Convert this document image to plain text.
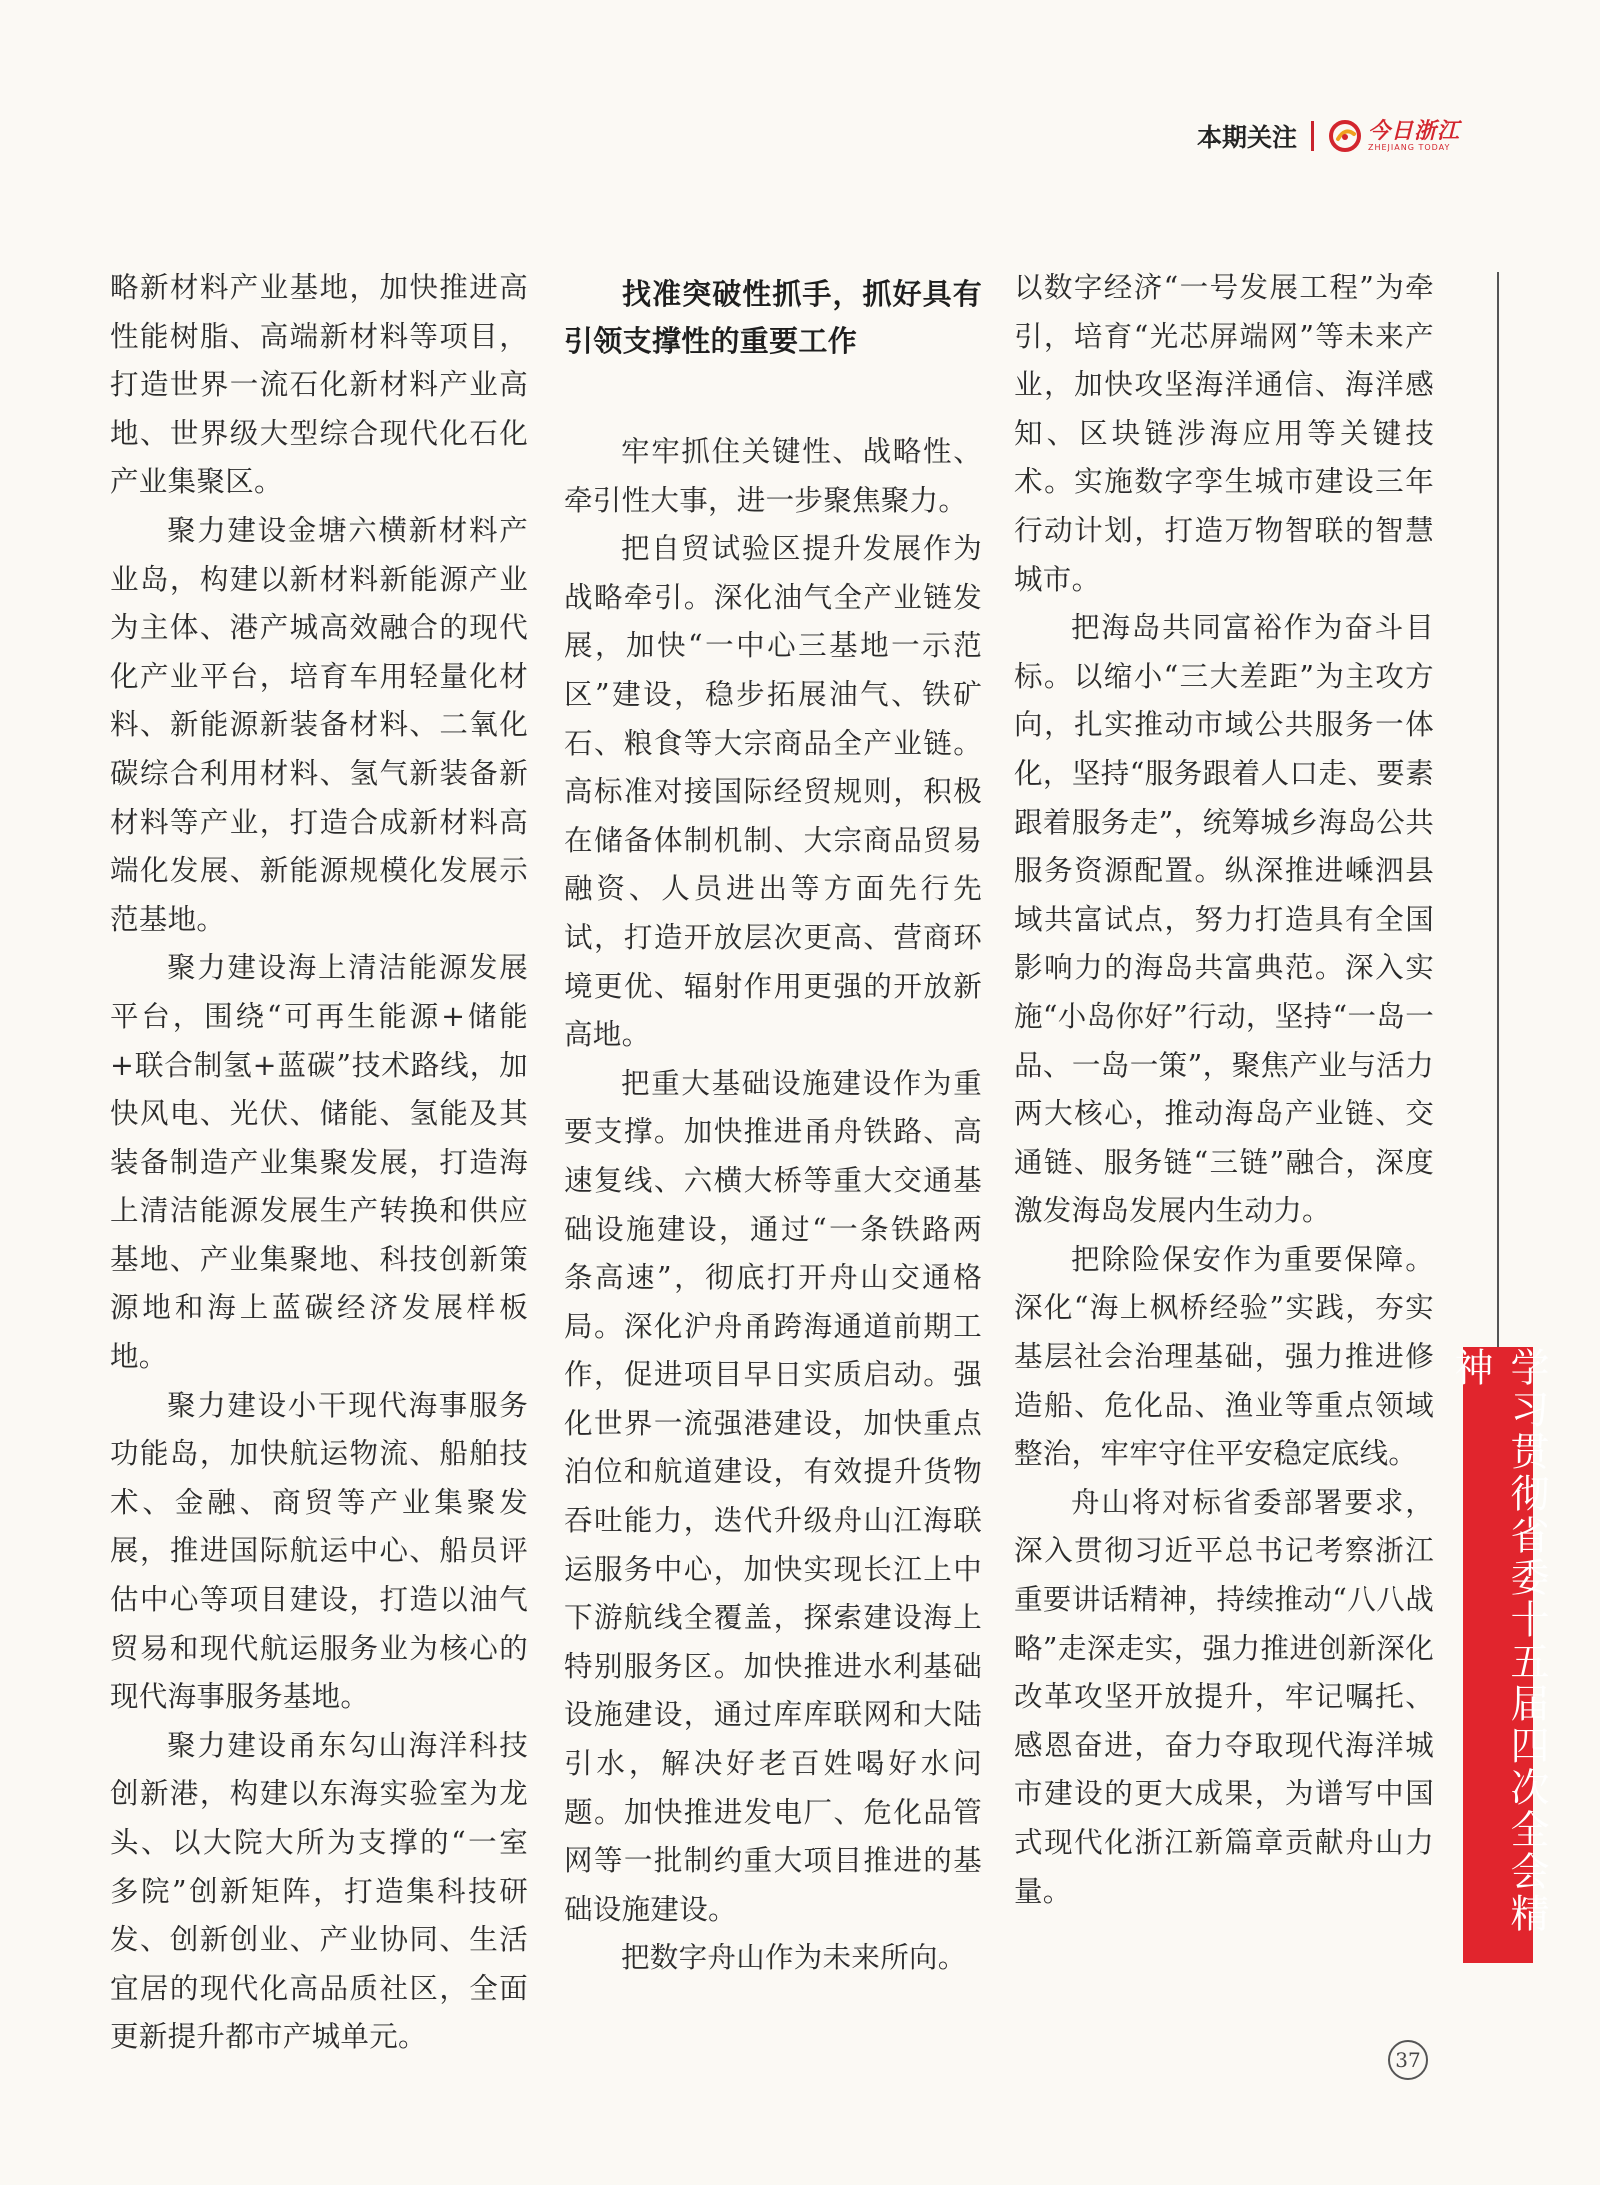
本期关注	今日浙江
ZHEJIANG TODAY

略新材料产业基地，加快推进高性能树脂、高端新材料等项目，打造世界一流石化新材料产业高地、世界级大型综合现代化石化产业集聚区。

聚力建设金塘六横新材料产业岛，构建以新材料新能源产业为主体、港产城高效融合的现代化产业平台，培育车用轻量化材料、新能源新装备材料、二氧化碳综合利用材料、氢气新装备新材料等产业，打造合成新材料高端化发展、新能源规模化发展示范基地。

聚力建设海上清洁能源发展平台，围绕“可再生能源+储能+联合制氢+蓝碳”技术路线，加快风电、光伏、储能、氢能及其装备制造产业集聚发展，打造海上清洁能源发展生产转换和供应基地、产业集聚地、科技创新策源地和海上蓝碳经济发展样板地。

聚力建设小干现代海事服务功能岛，加快航运物流、船舶技术、金融、商贸等产业集聚发展，推进国际航运中心、船员评估中心等项目建设，打造以油气贸易和现代航运服务业为核心的现代海事服务基地。

聚力建设甬东勾山海洋科技创新港，构建以东海实验室为龙头、以大院大所为支撑的“一室多院”创新矩阵，打造集科技研发、创新创业、产业协同、生活宜居的现代化高品质社区，全面更新提升都市产城单元。

找准突破性抓手，抓好具有引领支撑性的重要工作

牢牢抓住关键性、战略性、牵引性大事，进一步聚焦聚力。

把自贸试验区提升发展作为战略牵引。深化油气全产业链发展，加快“一中心三基地一示范区”建设，稳步拓展油气、铁矿石、粮食等大宗商品全产业链。高标准对接国际经贸规则，积极在储备体制机制、大宗商品贸易融资、人员进出等方面先行先试，打造开放层次更高、营商环境更优、辐射作用更强的开放新高地。

把重大基础设施建设作为重要支撑。加快推进甬舟铁路、高速复线、六横大桥等重大交通基础设施建设，通过“一条铁路两条高速”，彻底打开舟山交通格局。深化沪舟甬跨海通道前期工作，促进项目早日实质启动。强化世界一流强港建设，加快重点泊位和航道建设，有效提升货物吞吐能力，迭代升级舟山江海联运服务中心，加快实现长江上中下游航线全覆盖，探索建设海上特别服务区。加快推进水利基础设施建设，通过库库联网和大陆引水，解决好老百姓喝好水问题。加快推进发电厂、危化品管网等一批制约重大项目推进的基础设施建设。

把数字舟山作为未来所向。

以数字经济“一号发展工程”为牵引，培育“光芯屏端网”等未来产业，加快攻坚海洋通信、海洋感知、区块链涉海应用等关键技术。实施数字孪生城市建设三年行动计划，打造万物智联的智慧城市。

把海岛共同富裕作为奋斗目标。以缩小“三大差距”为主攻方向，扎实推动市域公共服务一体化，坚持“服务跟着人口走、要素跟着服务走”，统筹城乡海岛公共服务资源配置。纵深推进嵊泗县域共富试点，努力打造具有全国影响力的海岛共富典范。深入实施“小岛你好”行动，坚持“一岛一品、一岛一策”，聚焦产业与活力两大核心，推动海岛产业链、交通链、服务链“三链”融合，深度激发海岛发展内生动力。

把除险保安作为重要保障。深化“海上枫桥经验”实践，夯实基层社会治理基础，强力推进修造船、危化品、渔业等重点领域整治，牢牢守住平安稳定底线。

舟山将对标省委部署要求，深入贯彻习近平总书记考察浙江重要讲话精神，持续推动“八八战略”走深走实，强力推进创新深化改革攻坚开放提升，牢记嘱托、感恩奋进，奋力夺取现代海洋城市建设的更大成果，为谱写中国式现代化浙江新篇章贡献舟山力量。	学习贯彻省委十五届四次全会精神
37
